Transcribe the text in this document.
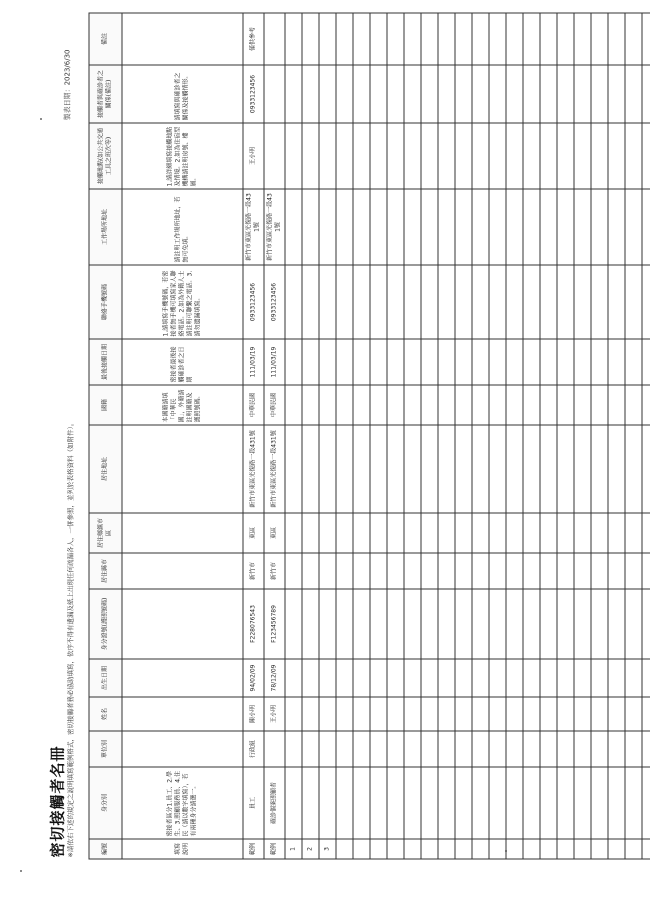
密切接觸者名冊
製表日期：2023/6/30
※請依右下述的規定之說明填寫範例格式，密切接觸者務必協助填寫，依序不得有遺漏及紙上出現任何疏漏各人，一併參照，並列於表格資料（如附件）。	編號	身分別	單位別	姓名	出生日期	身分證號(護照號碼)	居住縣市	居住鄉鎮市區	居住地址	國籍	最後接觸日期	聯絡手機號碼	工作場所地址	接觸地點(如公共交通工具之班次等)	接觸者與確診者之關係(備註)	備註
填寫說明	密接者區分1.員工、2.學生、3.照顧服務員、4.住民（請以數字填寫），若有兩種身分請選一。								本國籍請填「中華民國」，外籍請註明國籍及護照號碼。	密接者最後接觸確診者之日期	1.請填寫手機號碼，若密接者無手機可填寫家人聯絡電話。2.如為外籍人士請註明可聯繫之電話。3.請勿遺漏填寫。	請註明工作場所地址，若無可免填。	1.請詳細填寫接觸地點及情境。2.如為住宿型機構請註明房號、樓層。	請填寫與確診者之關係及接觸情形。	
範例	員工	行政組	陳小明	94/02/09	F228076543	新竹市	東區	新竹市東區光復路一段431號	中華民國	111/03/19	0933123456	新竹市東區光復路一段431號	王小明	0933123456	僅供參考
範例	確診個案照顧者		王小明	78/12/09	F123456789	新竹市	東區	新竹市東區光復路一段431號	中華民國	111/03/19	0933123456	新竹市東區光復路一段431號			
1															
2															
3															
